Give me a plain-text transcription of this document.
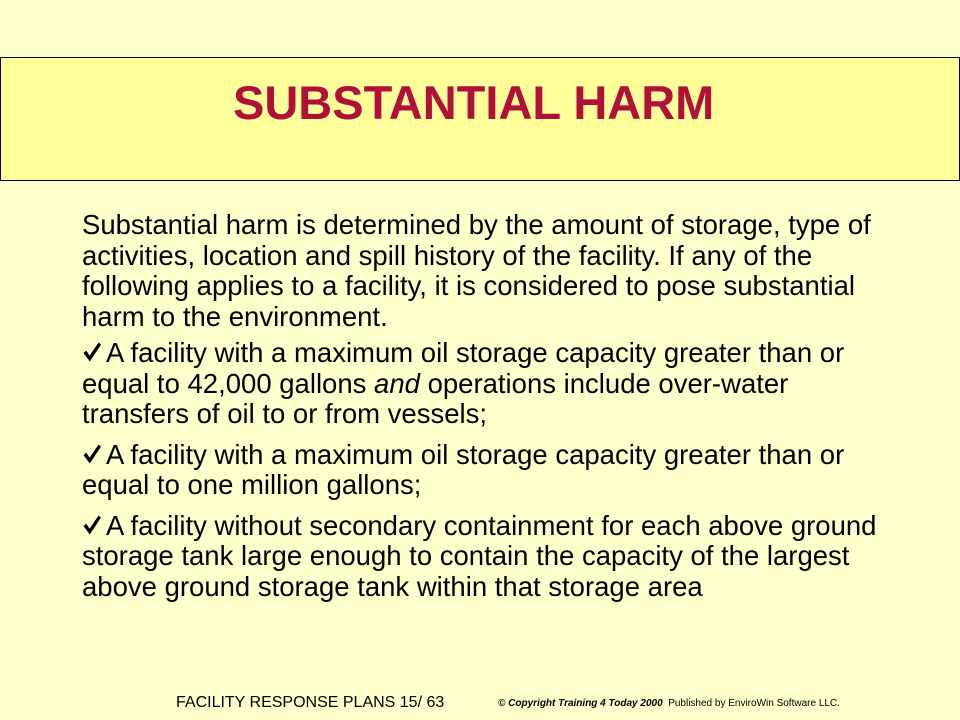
SUBSTANTIAL HARM

Substantial harm is determined by the amount of storage, type of activities, location and spill history of the facility. If any of the following applies to a facility, it is considered to pose substantial harm to the environment.

A facility with a maximum oil storage capacity greater than or equal to 42,000 gallons and operations include over-water transfers of oil to or from vessels;

A facility with a maximum oil storage capacity greater than or equal to one million gallons;

A facility without secondary containment for each above ground storage tank large enough to contain the capacity of the largest above ground storage tank within that storage area

FACILITY RESPONSE PLANS 15/ 63	© Copyright Training 4 Today 2000 Published by EnviroWin Software LLC.
